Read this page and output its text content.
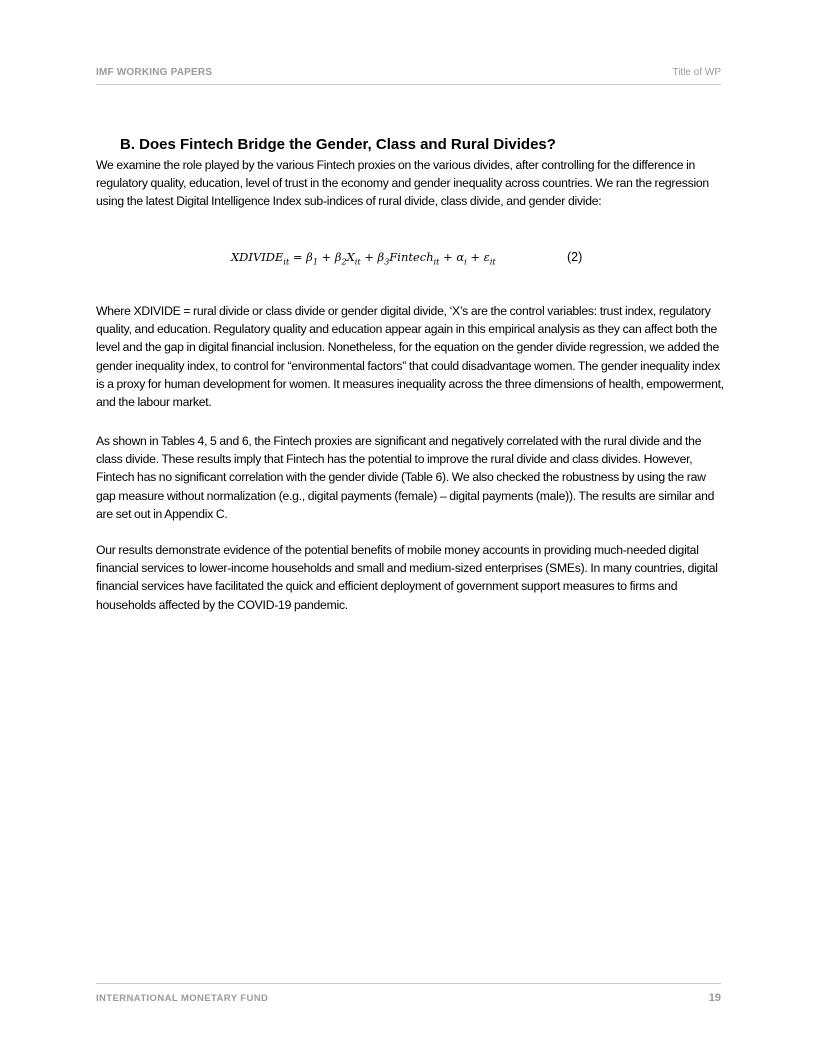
IMF WORKING PAPERS	Title of WP
B. Does Fintech Bridge the Gender, Class and Rural Divides?

We examine the role played by the various Fintech proxies on the various divides, after controlling for the difference in regulatory quality, education, level of trust in the economy and gender inequality across countries. We ran the regression using the latest Digital Intelligence Index sub-indices of rural divide, class divide, and gender divide:

$XDIVIDE_{it} = \beta_1 + \beta_2X_{it}$ + $\beta_3Fintech_{it} + \alpha_i + \varepsilon_{it}$	(2)

Where XDIVIDE = rural divide or class divide or gender digital divide, ‘X’s are the control variables: trust index, regulatory quality, and education. Regulatory quality and education appear again in this empirical analysis as they can affect both the level and the gap in digital financial inclusion. Nonetheless, for the equation on the gender divide regression, we added the gender inequality index, to control for “environmental factors” that could disadvantage women. The gender inequality index is a proxy for human development for women. It measures inequality across the three dimensions of health, empowerment, and the labour market.

As shown in Tables 4, 5 and 6, the Fintech proxies are significant and negatively correlated with the rural divide and the class divide. These results imply that Fintech has the potential to improve the rural divide and class divides. However, Fintech has no significant correlation with the gender divide (Table 6). We also checked the robustness by using the raw gap measure without normalization (e.g., digital payments (female) – digital payments (male)). The results are similar and are set out in Appendix C.

Our results demonstrate evidence of the potential benefits of mobile money accounts in providing much-needed digital financial services to lower-income households and small and medium-sized enterprises (SMEs). In many countries, digital financial services have facilitated the quick and efficient deployment of government support measures to firms and households affected by the COVID-19 pandemic.

INTERNATIONAL MONETARY FUND	19
